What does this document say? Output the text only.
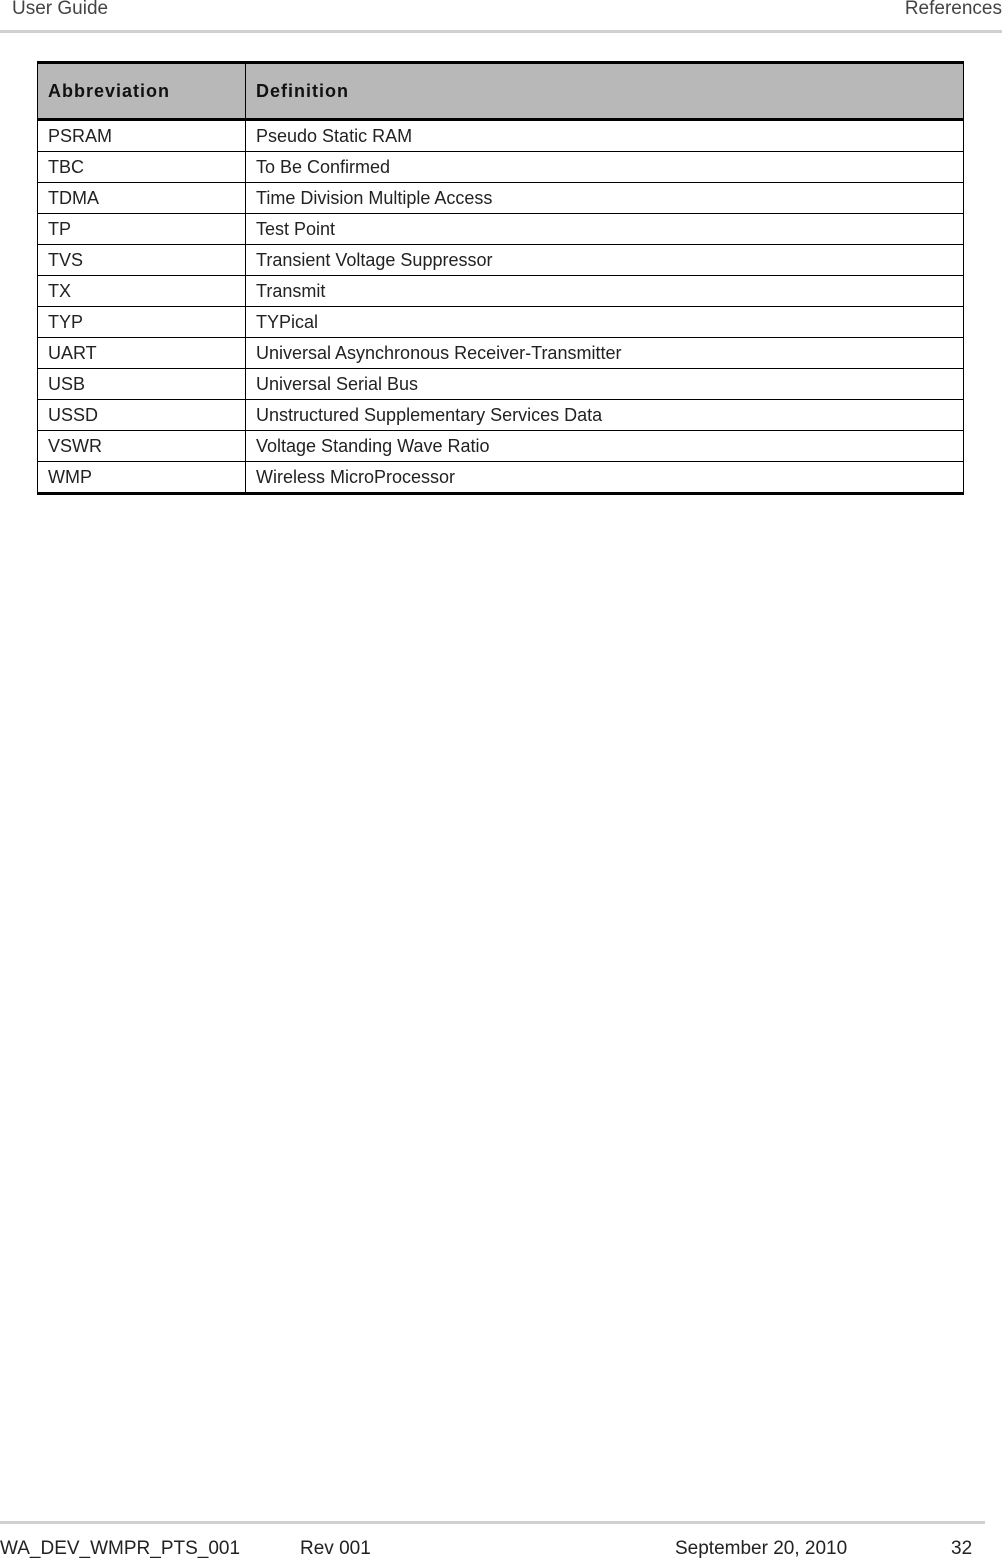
User Guide	References
Abbreviation	Definition
PSRAM	Pseudo Static RAM
TBC	To Be Confirmed
TDMA	Time Division Multiple Access
TP	Test Point
TVS	Transient Voltage Suppressor
TX	Transmit
TYP	TYPical
UART	Universal Asynchronous Receiver-Transmitter
USB	Universal Serial Bus
USSD	Unstructured Supplementary Services Data
VSWR	Voltage Standing Wave Ratio
WMP	Wireless MicroProcessor
WA_DEV_WMPR_PTS_001	Rev 001	September 20, 2010	32
